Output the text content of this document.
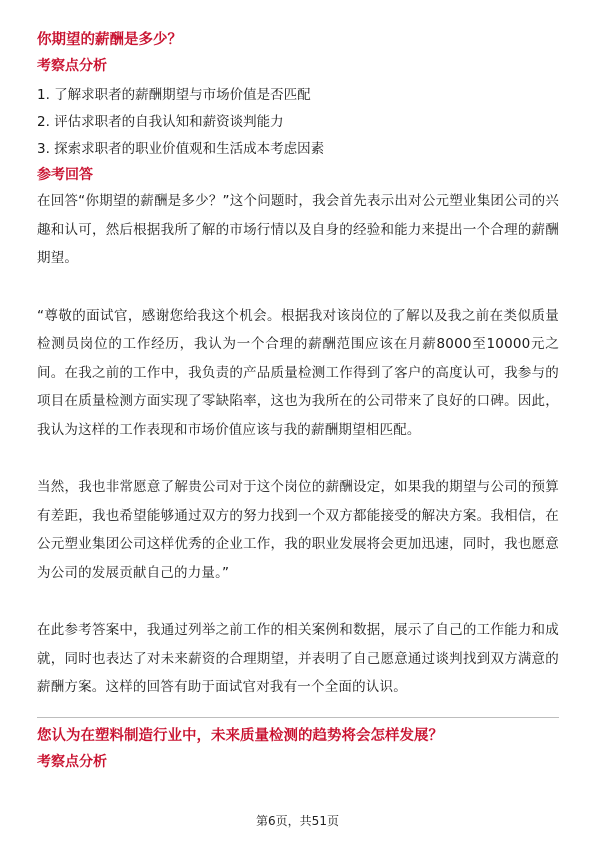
你期望的薪酬是多少？
考察点分析
1. 了解求职者的薪酬期望与市场价值是否匹配
2. 评估求职者的自我认知和薪资谈判能力
3. 探索求职者的职业价值观和生活成本考虑因素
参考回答

在回答“你期望的薪酬是多少？”这个问题时，我会首先表示出对公元塑业集团公司的兴趣和认可，然后根据我所了解的市场行情以及自身的经验和能力来提出一个合理的薪酬期望。

“尊敬的面试官，感谢您给我这个机会。根据我对该岗位的了解以及我之前在类似质量检测员岗位的工作经历，我认为一个合理的薪酬范围应该在月薪8000至10000元之间。在我之前的工作中，我负责的产品质量检测工作得到了客户的高度认可，我参与的项目在质量检测方面实现了零缺陷率，这也为我所在的公司带来了良好的口碑。因此，我认为这样的工作表现和市场价值应该与我的薪酬期望相匹配。

当然，我也非常愿意了解贵公司对于这个岗位的薪酬设定，如果我的期望与公司的预算有差距，我也希望能够通过双方的努力找到一个双方都能接受的解决方案。我相信，在公元塑业集团公司这样优秀的企业工作，我的职业发展将会更加迅速，同时，我也愿意为公司的发展贡献自己的力量。”

在此参考答案中，我通过列举之前工作的相关案例和数据，展示了自己的工作能力和成就，同时也表达了对未来薪资的合理期望，并表明了自己愿意通过谈判找到双方满意的薪酬方案。这样的回答有助于面试官对我有一个全面的认识。

您认为在塑料制造行业中，未来质量检测的趋势将会怎样发展？
考察点分析
第6页，共51页
